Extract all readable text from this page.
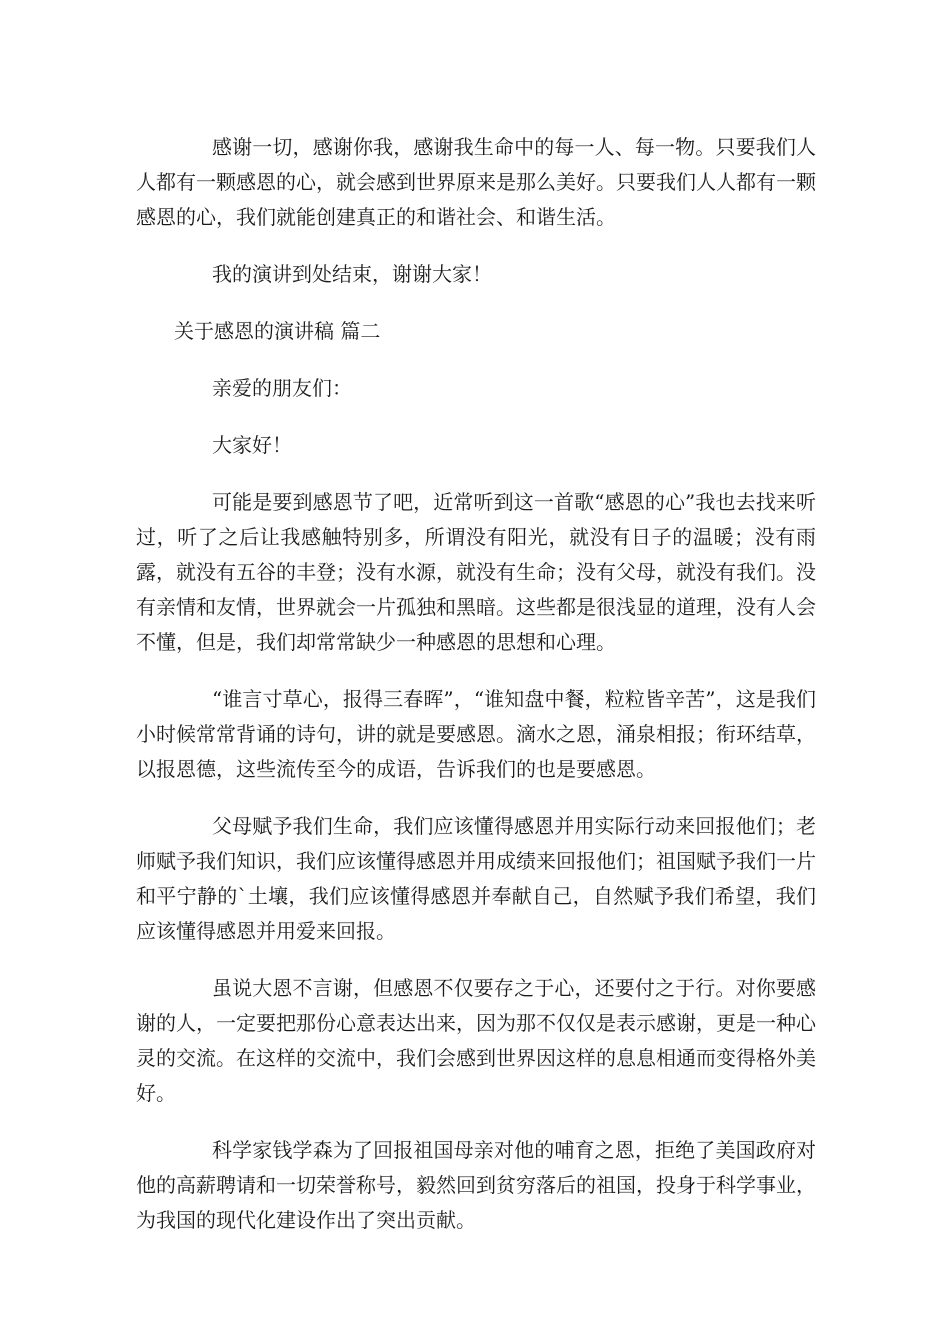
感谢一切，感谢你我，感谢我生命中的每一人、每一物。只要我们人人都有一颗感恩的心，就会感到世界原来是那么美好。只要我们人人都有一颗感恩的心，我们就能创建真正的和谐社会、和谐生活。

我的演讲到处结束，谢谢大家！

关于感恩的演讲稿 篇二

亲爱的朋友们：

大家好！

可能是要到感恩节了吧，近常听到这一首歌“感恩的心”我也去找来听过，听了之后让我感触特别多，所谓没有阳光，就没有日子的温暖；没有雨露，就没有五谷的丰登；没有水源，就没有生命；没有父母，就没有我们。没有亲情和友情，世界就会一片孤独和黑暗。这些都是很浅显的道理，没有人会不懂，但是，我们却常常缺少一种感恩的思想和心理。

“谁言寸草心，报得三春晖”，“谁知盘中餐，粒粒皆辛苦”，这是我们小时候常常背诵的诗句，讲的就是要感恩。滴水之恩，涌泉相报；衔环结草，以报恩德，这些流传至今的成语，告诉我们的也是要感恩。

父母赋予我们生命，我们应该懂得感恩并用实际行动来回报他们；老师赋予我们知识，我们应该懂得感恩并用成绩来回报他们；祖国赋予我们一片和平宁静的`土壤，我们应该懂得感恩并奉献自己，自然赋予我们希望，我们应该懂得感恩并用爱来回报。

虽说大恩不言谢，但感恩不仅要存之于心，还要付之于行。对你要感谢的人，一定要把那份心意表达出来，因为那不仅仅是表示感谢，更是一种心灵的交流。在这样的交流中，我们会感到世界因这样的息息相通而变得格外美好。

科学家钱学森为了回报祖国母亲对他的哺育之恩，拒绝了美国政府对他的高薪聘请和一切荣誉称号，毅然回到贫穷落后的祖国，投身于科学事业，为我国的现代化建设作出了突出贡献。
